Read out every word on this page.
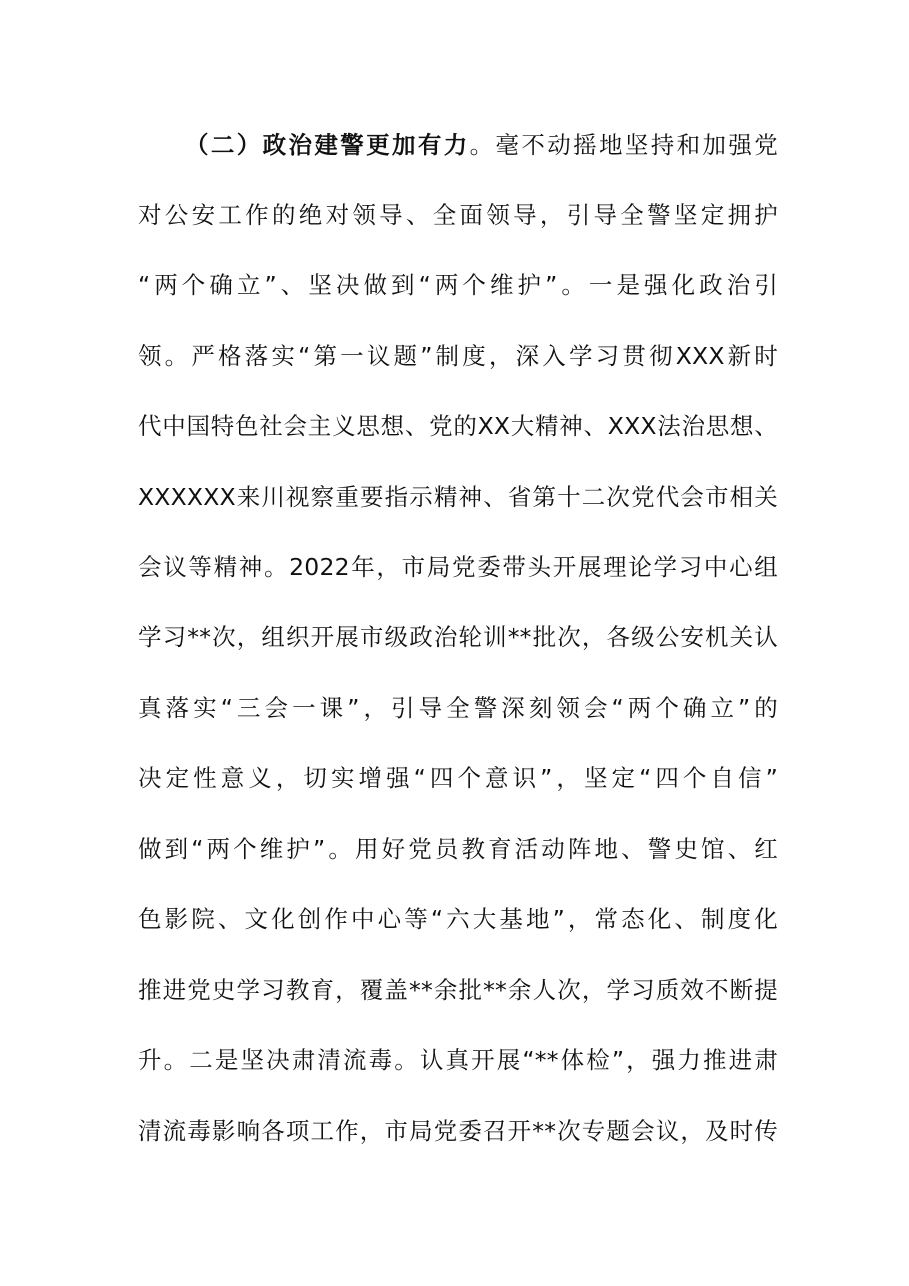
（二）政治建警更加有力。毫不动摇地坚持和加强党
对公安工作的绝对领导、全面领导，引导全警坚定拥护
“两个确立”、坚决做到“两个维护”。一是强化政治引
领。严格落实“第一议题”制度，深入学习贯彻XXX新时
代中国特色社会主义思想、党的XX大精神、XXX法治思想、
XXXXXX来川视察重要指示精神、省第十二次党代会市相关
会议等精神。2022年，市局党委带头开展理论学习中心组
学习**次，组织开展市级政治轮训**批次，各级公安机关认
真落实“三会一课”，引导全警深刻领会“两个确立”的
决定性意义，切实增强“四个意识”，坚定“四个自信”
做到“两个维护”。用好党员教育活动阵地、警史馆、红
色影院、文化创作中心等“六大基地”，常态化、制度化
推进党史学习教育，覆盖**余批**余人次，学习质效不断提
升。二是坚决肃清流毒。认真开展“**体检”，强力推进肃
清流毒影响各项工作，市局党委召开**次专题会议，及时传
